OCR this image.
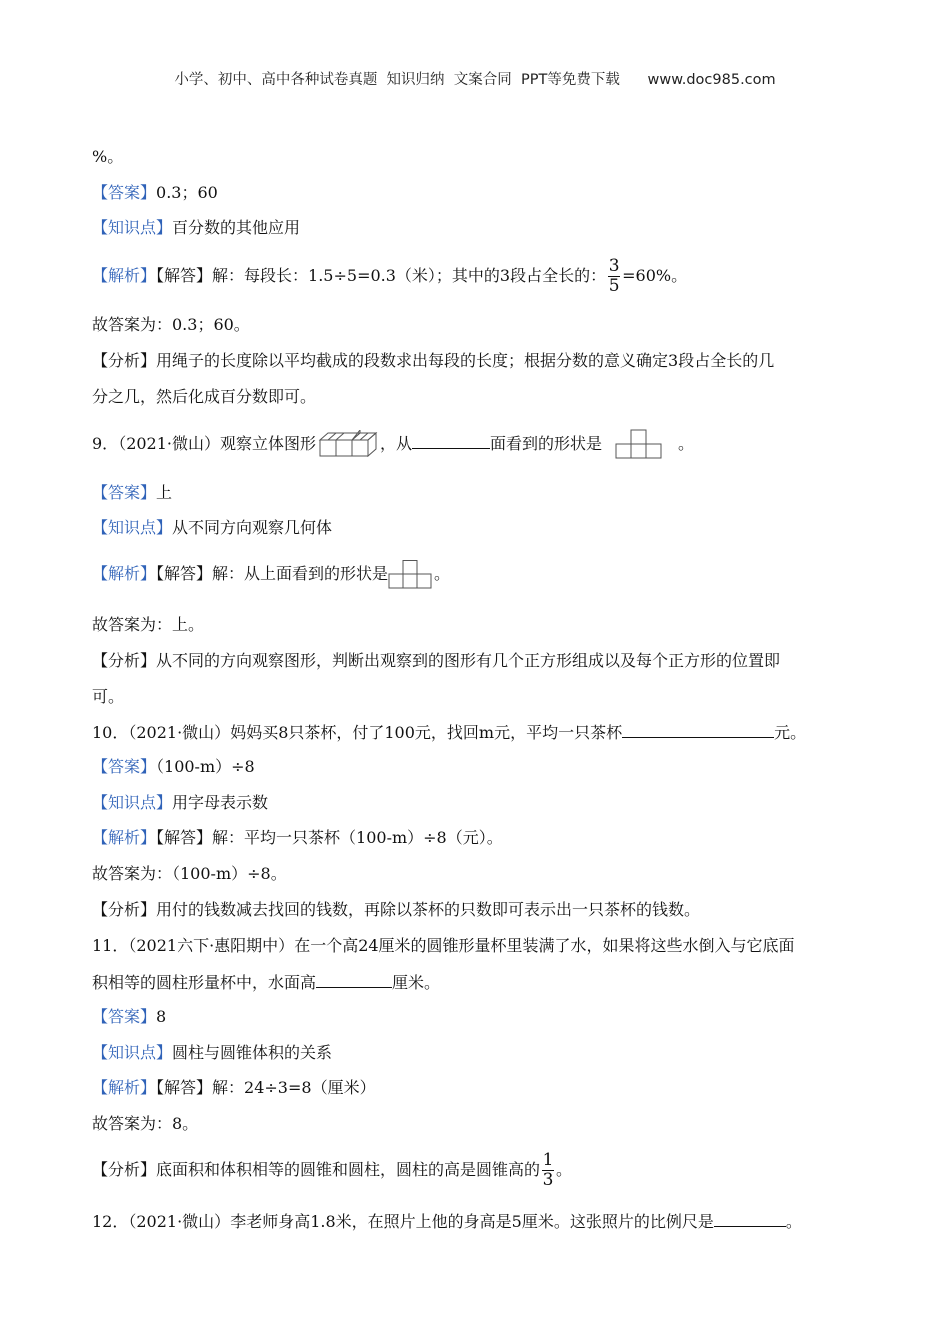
小学、初中、高中各种试卷真题  知识归纳  文案合同  PPT等免费下载      www.doc985.com
%。
【答案】0.3；60
【知识点】百分数的其他应用
【解析】【解答】解：每段长：1.5÷5=0.3（米）；其中的3段占全长的： $\frac{3}{5} =60\%$。
故答案为：0.3；60。
【分析】用绳子的长度除以平均截成的段数求出每段的长度；根据分数的意义确定3段占全长的几
分之几，然后化成百分数即可。
9．（2021·微山）观察立体图形	，从	面看到的形状是	。
【答案】上
【知识点】从不同方向观察几何体
【解析】【解答】解：从上面看到的形状是	。
故答案为：上。
【分析】从不同的方向观察图形，判断出观察到的图形有几个正方形组成以及每个正方形的位置即
可。
10．（2021·微山）妈妈买8只茶杯，付了100元，找回m元，平均一只茶杯	元。
【答案】（100-m）÷8
【知识点】用字母表示数
【解析】【解答】解：平均一只茶杯（100-m）÷8（元）。
故答案为：（100-m）÷8。
【分析】用付的钱数减去找回的钱数，再除以茶杯的只数即可表示出一只茶杯的钱数。
11．（2021六下·惠阳期中）在一个高24厘米的圆锥形量杯里装满了水，如果将这些水倒入与它底面
积相等的圆柱形量杯中，水面高	厘米。
【答案】8
【知识点】圆柱与圆锥体积的关系
【解析】【解答】解：24÷3=8（厘米）
故答案为：8。
【分析】底面积和体积相等的圆锥和圆柱，圆柱的高是圆锥高的 $\frac{1}{3}$ 。
12．（2021·微山）李老师身高1.8米，在照片上他的身高是5厘米。这张照片的比例尺是	。
